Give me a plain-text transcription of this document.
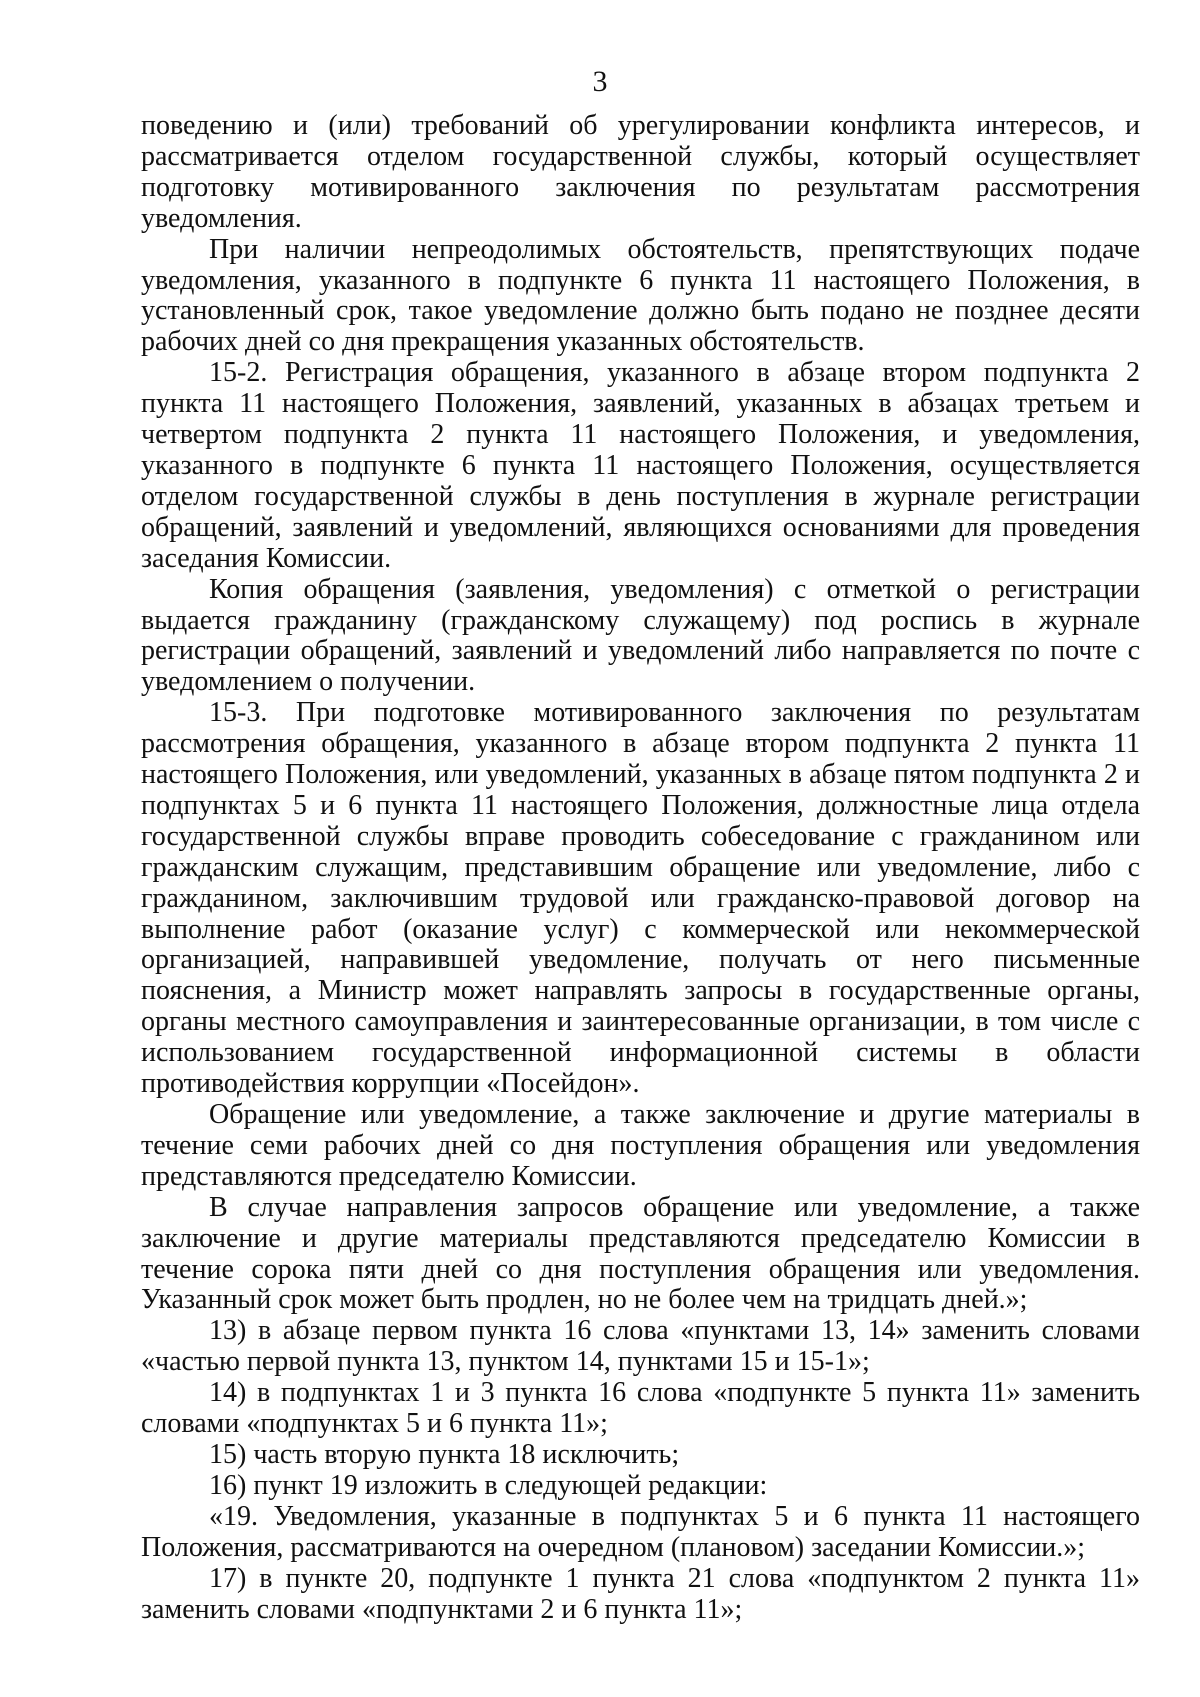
3

поведению и (или) требований об урегулировании конфликта интересов, и рассматривается отделом государственной службы, который осуществляет подготовку мотивированного заключения по результатам рассмотрения уведомления.

При наличии непреодолимых обстоятельств, препятствующих подаче уведомления, указанного в подпункте 6 пункта 11 настоящего Положения, в установленный срок, такое уведомление должно быть подано не позднее десяти рабочих дней со дня прекращения указанных обстоятельств.

15-2. Регистрация обращения, указанного в абзаце втором подпункта 2 пункта 11 настоящего Положения, заявлений, указанных в абзацах третьем и четвертом подпункта 2 пункта 11 настоящего Положения, и уведомления, указанного в подпункте 6 пункта 11 настоящего Положения, осуществляется отделом государственной службы в день поступления в журнале регистрации обращений, заявлений и уведомлений, являющихся основаниями для проведения заседания Комиссии.

Копия обращения (заявления, уведомления) с отметкой о регистрации выдается гражданину (гражданскому служащему) под роспись в журнале регистрации обращений, заявлений и уведомлений либо направляется по почте с уведомлением о получении.

15-3. При подготовке мотивированного заключения по результатам рассмотрения обращения, указанного в абзаце втором подпункта 2 пункта 11 настоящего Положения, или уведомлений, указанных в абзаце пятом подпункта 2 и подпунктах 5 и 6 пункта 11 настоящего Положения, должностные лица отдела государственной службы вправе проводить собеседование с гражданином или гражданским служащим, представившим обращение или уведомление, либо с гражданином, заключившим трудовой или гражданско-правовой договор на выполнение работ (оказание услуг) с коммерческой или некоммерческой организацией, направившей уведомление, получать от него письменные пояснения, а Министр может направлять запросы в государственные органы, органы местного самоуправления и заинтересованные организации, в том числе с использованием государственной информационной системы в области противодействия коррупции «Посейдон».

Обращение или уведомление, а также заключение и другие материалы в течение семи рабочих дней со дня поступления обращения или уведомления представляются председателю Комиссии.

В случае направления запросов обращение или уведомление, а также заключение и другие материалы представляются председателю Комиссии в течение сорока пяти дней со дня поступления обращения или уведомления. Указанный срок может быть продлен, но не более чем на тридцать дней.»;

13) в абзаце первом пункта 16 слова «пунктами 13, 14» заменить словами «частью первой пункта 13, пунктом 14, пунктами 15 и 15-1»;

14) в подпунктах 1 и 3 пункта 16 слова «подпункте 5 пункта 11» заменить словами «подпунктах 5 и 6 пункта 11»;

15) часть вторую пункта 18 исключить;

16) пункт 19 изложить в следующей редакции:

«19. Уведомления, указанные в подпунктах 5 и 6 пункта 11 настоящего Положения, рассматриваются на очередном (плановом) заседании Комиссии.»;

17) в пункте 20, подпункте 1 пункта 21 слова «подпунктом 2 пункта 11» заменить словами «подпунктами 2 и 6 пункта 11»;
